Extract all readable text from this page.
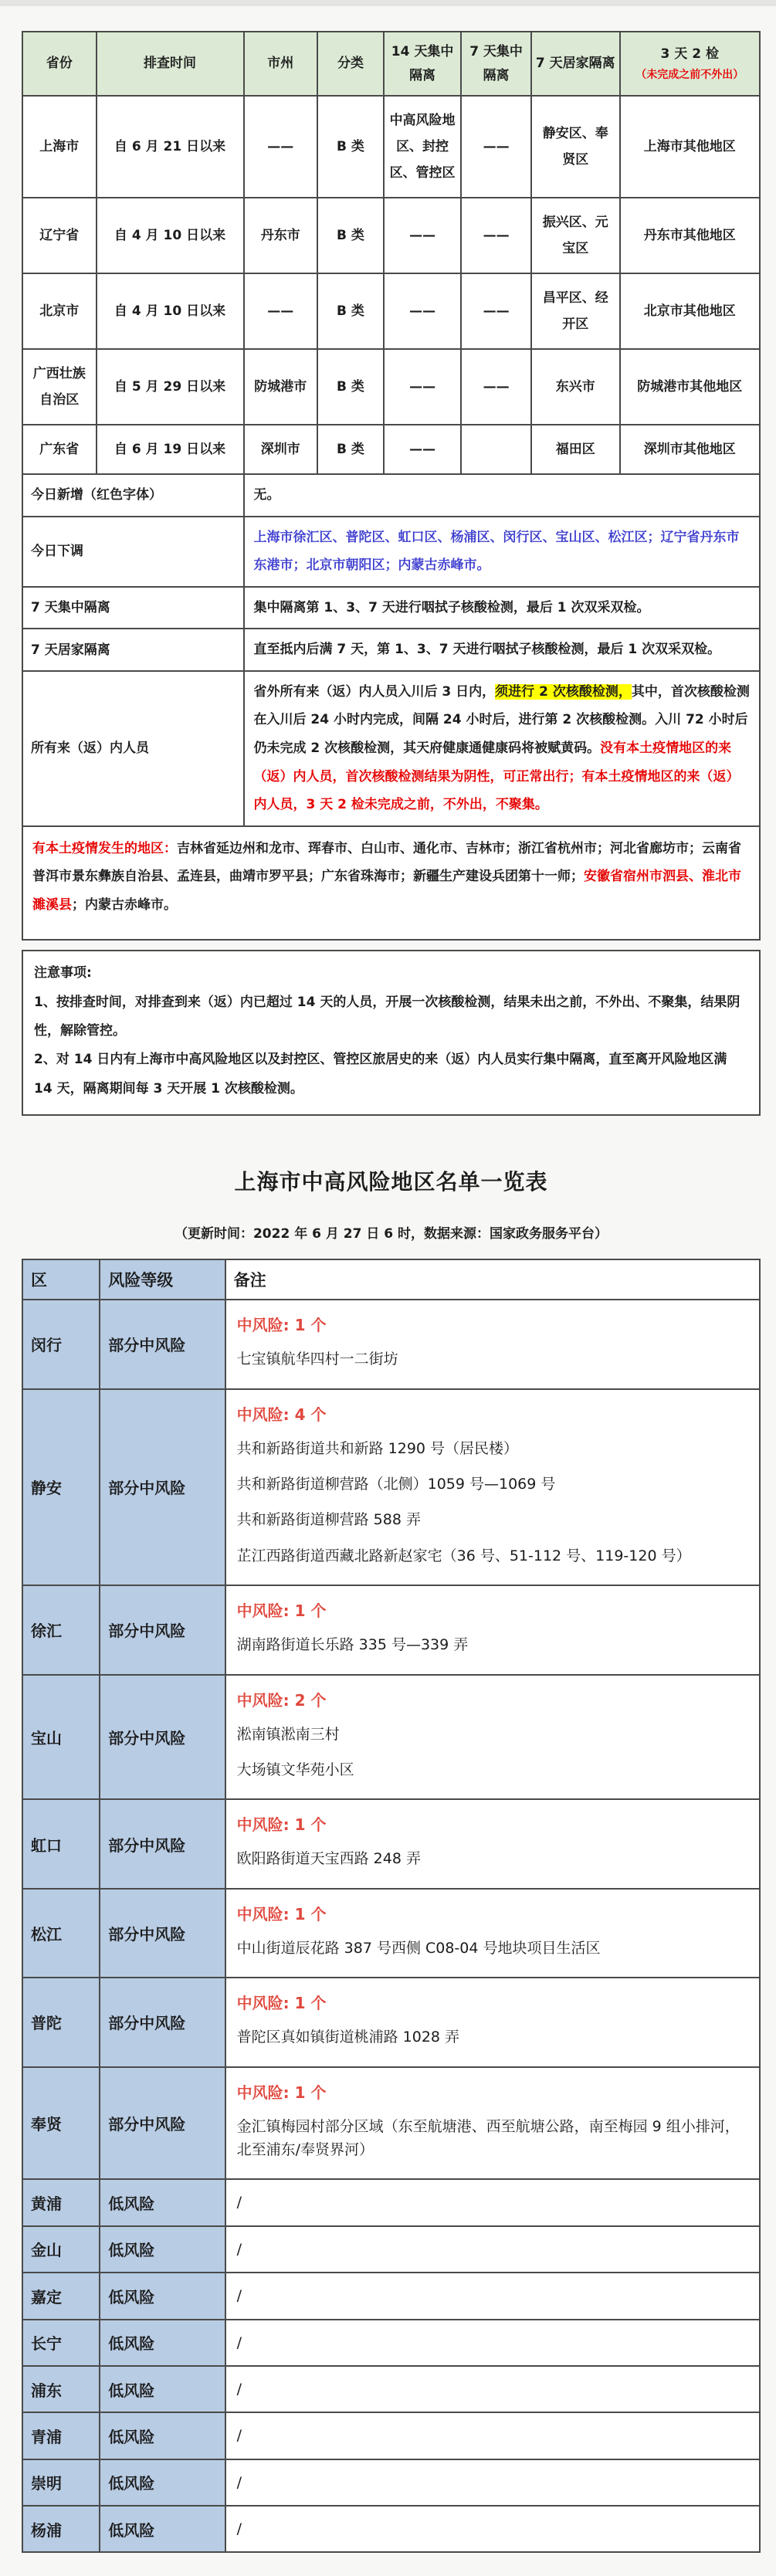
省份	排查时间	市州	分类	14 天集中隔离	7 天集中隔离	7 天居家隔离	3 天 2 检
（未完成之前不外出）

上海市	自 6 月 21 日以来	——	B 类	中高风险地区、封控区、管控区	——	静安区、奉贤区	上海市其他地区
辽宁省	自 4 月 10 日以来	丹东市	B 类	——	——	振兴区、元宝区	丹东市其他地区
北京市	自 4 月 10 日以来	——	B 类	——	——	昌平区、经开区	北京市其他地区
广西壮族自治区	自 5 月 29 日以来	防城港市	B 类	——	——	东兴市	防城港市其他地区
广东省	自 6 月 19 日以来	深圳市	B 类	——		福田区	深圳市其他地区
今日新增（红色字体）		无。					
今日下调		上海市徐汇区、普陀区、虹口区、杨浦区、闵行区、宝山区、松江区；辽宁省丹东市东港市；北京市朝阳区；内蒙古赤峰市。					
7 天集中隔离		集中隔离第 1、3、7 天进行咽拭子核酸检测，最后 1 次双采双检。					
7 天居家隔离		直至抵内后满 7 天，第 1、3、7 天进行咽拭子核酸检测，最后 1 次双采双检。					
所有来（返）内人员		省外所有来（返）内人员入川后 3 日内，须进行 2 次核酸检测，其中，首次核酸检测在入川后 24 小时内完成，间隔 24 小时后，进行第 2 次核酸检测。入川 72 小时后仍未完成 2 次核酸检测，其天府健康通健康码将被赋黄码。没有本土疫情地区的来（返）内人员，首次核酸检测结果为阴性，可正常出行；有本土疫情地区的来（返）内人员，3 天 2 检未完成之前，不外出，不聚集。					
有本土疫情发生的地区：吉林省延边州和龙市、珲春市、白山市、通化市、吉林市；浙江省杭州市；河北省廊坊市；云南省普洱市景东彝族自治县、孟连县，曲靖市罗平县；广东省珠海市；新疆生产建设兵团第十一师；安徽省宿州市泗县、淮北市濉溪县；内蒙古赤峰市。							
注意事项:
1、按排查时间，对排查到来（返）内已超过 14 天的人员，开展一次核酸检测，结果未出之前，不外出、不聚集，结果阴性，解除管控。
2、对 14 日内有上海市中高风险地区以及封控区、管控区旅居史的来（返）内人员实行集中隔离，直至离开风险地区满 14 天，隔离期间每 3 天开展 1 次核酸检测。
上海市中高风险地区名单一览表
（更新时间：2022 年 6 月 27 日 6 时，数据来源：国家政务服务平台）
区	风险等级	备注
闵行	部分中风险	中风险: 1 个
七宝镇航华四村一二街坊

静安	部分中风险	中风险: 4 个
共和新路街道共和新路 1290 号（居民楼）
共和新路街道柳营路（北侧）1059 号—1069 号
共和新路街道柳营路 588 弄
芷江西路街道西藏北路新赵家宅（36 号、51-112 号、119-120 号）

徐汇	部分中风险	中风险: 1 个
湖南路街道长乐路 335 号—339 弄

宝山	部分中风险	中风险: 2 个
淞南镇淞南三村
大场镇文华苑小区

虹口	部分中风险	中风险: 1 个
欧阳路街道天宝西路 248 弄

松江	部分中风险	中风险: 1 个
中山街道辰花路 387 号西侧 C08-04 号地块项目生活区

普陀	部分中风险	中风险: 1 个
普陀区真如镇街道桃浦路 1028 弄

奉贤	部分中风险	中风险: 1 个
金汇镇梅园村部分区域（东至航塘港、西至航塘公路，南至梅园 9 组小排河，北至浦东/奉贤界河）

黄浦	低风险	/

金山	低风险	/

嘉定	低风险	/

长宁	低风险	/

浦东	低风险	/

青浦	低风险	/

崇明	低风险	/

杨浦	低风险	/
